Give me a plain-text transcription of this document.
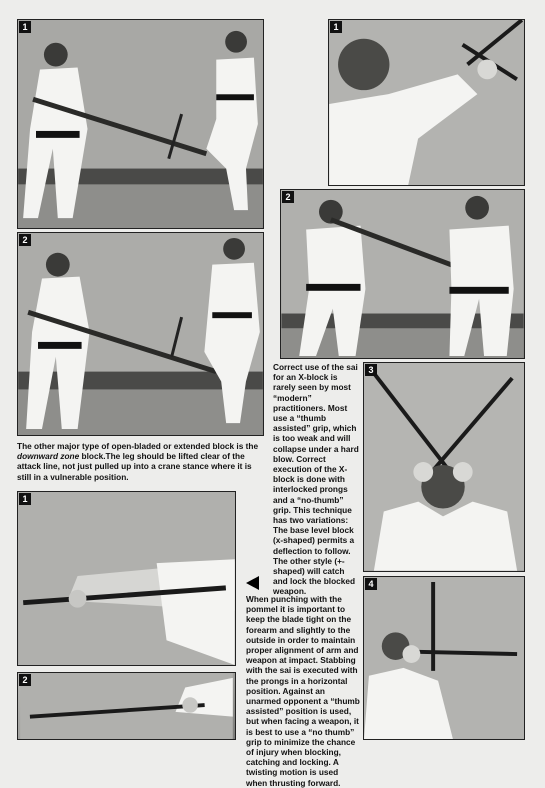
1	1
2
2
3
1
4
2

The other major type of open-bladed or extended block is the downward zone block.The leg should be lifted clear of the attack line, not just pulled up into a crane stance where it is still in a vulnerable position.

Correct use of the sai for an X-block is rarely seen by most “modern” practitioners. Most use a “thumb assisted” grip, which is too weak and will collapse under a hard blow. Correct execution of the X-block is done with interlocked prongs and a “no-thumb” grip. This technique has two variations: The base level block (x-shaped) permits a deflection to follow. The other style (+-shaped) will catch and lock the blocked weapon.

When punching with the pommel it is important to keep the blade tight on the forearm and slightly to the outside in order to maintain proper alignment of arm and weapon at impact. Stabbing with the sai is executed with the prongs in a horizontal position. Against an unarmed opponent a “thumb assisted” position is used, but when facing a weapon, it is best to use a “no thumb” grip to minimize the chance of injury when blocking, catching and locking. A twisting motion is used when thrusting forward.
